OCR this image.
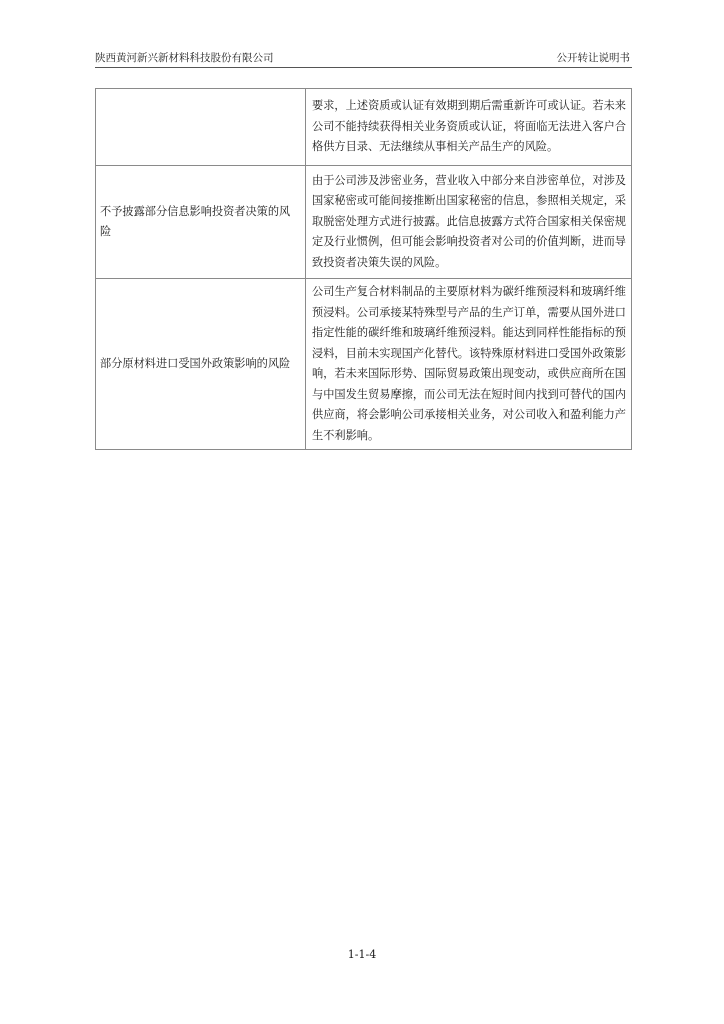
陕西黄河新兴新材料科技股份有限公司	公开转让说明书
	要求，上述资质或认证有效期到期后需重新许可或认证。若未来公司不能持续获得相关业务资质或认证，将面临无法进入客户合格供方目录、无法继续从事相关产品生产的风险。
不予披露部分信息影响投资者决策的风险	由于公司涉及涉密业务，营业收入中部分来自涉密单位，对涉及国家秘密或可能间接推断出国家秘密的信息，参照相关规定，采取脱密处理方式进行披露。此信息披露方式符合国家相关保密规定及行业惯例，但可能会影响投资者对公司的价值判断，进而导致投资者决策失误的风险。
部分原材料进口受国外政策影响的风险	公司生产复合材料制品的主要原材料为碳纤维预浸料和玻璃纤维预浸料。公司承接某特殊型号产品的生产订单，需要从国外进口指定性能的碳纤维和玻璃纤维预浸料。能达到同样性能指标的预浸料，目前未实现国产化替代。该特殊原材料进口受国外政策影响，若未来国际形势、国际贸易政策出现变动，或供应商所在国与中国发生贸易摩擦，而公司无法在短时间内找到可替代的国内供应商，将会影响公司承接相关业务，对公司收入和盈利能力产生不利影响。
1-1-4
